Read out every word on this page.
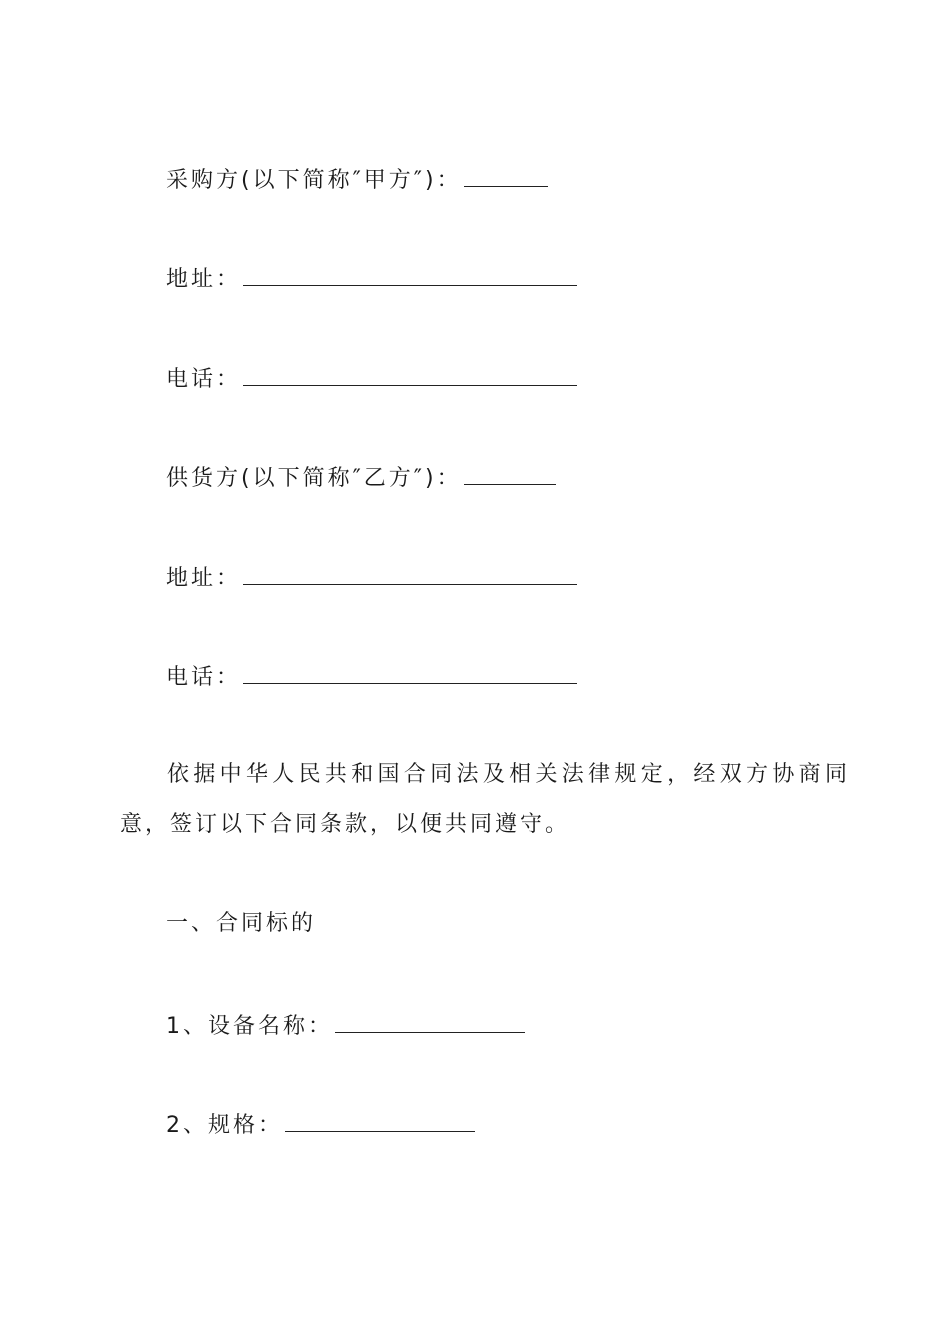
采购方(以下简称″甲方″)：
地址：
电话：
供货方(以下简称″乙方″)：
地址：
电话：
依据中华人民共和国合同法及相关法律规定，经双方协商同意，签订以下合同条款，以便共同遵守。
一、合同标的
1、设备名称：
2、规格：
